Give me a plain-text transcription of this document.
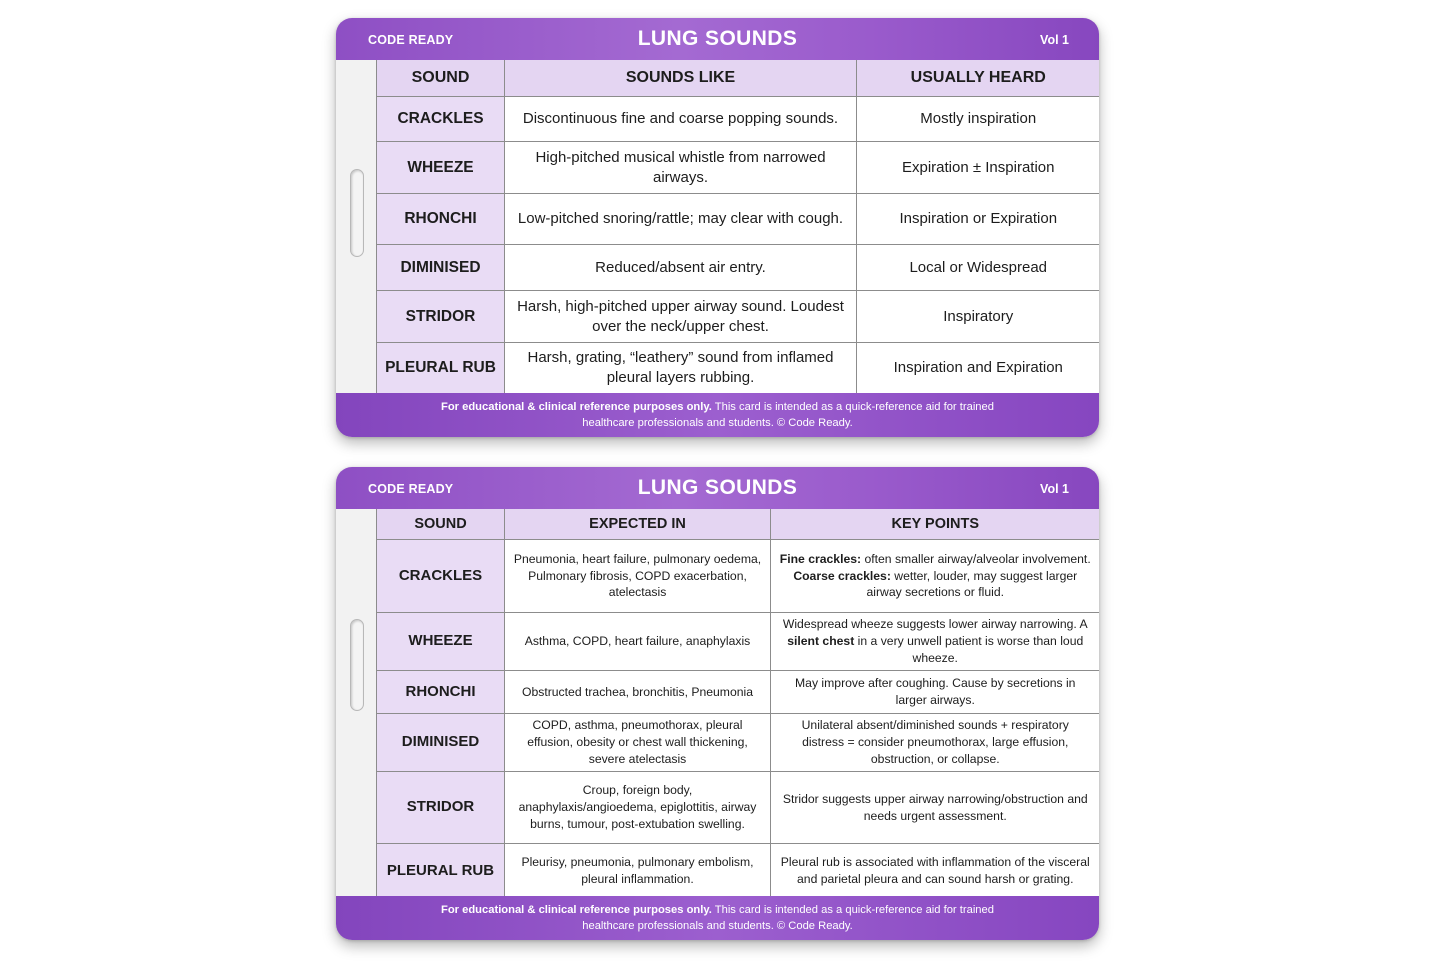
CODE READY	LUNG SOUNDS	Vol 1
SOUND	SOUNDS LIKE	USUALLY HEARD
CRACKLES	Discontinuous fine and coarse popping sounds.	Mostly inspiration
WHEEZE	High-pitched musical whistle from narrowed airways.	Expiration ± Inspiration
RHONCHI	Low-pitched snoring/rattle; may clear with cough.	Inspiration or Expiration
DIMINISED	Reduced/absent air entry.	Local or Widespread
STRIDOR	Harsh, high-pitched upper airway sound. Loudest over the neck/upper chest.	Inspiratory
PLEURAL RUB	Harsh, grating, “leathery” sound from inflamed pleural layers rubbing.	Inspiration and Expiration
For educational & clinical reference purposes only. This card is intended as a quick-reference aid for trained
healthcare professionals and students. © Code Ready.
CODE READY	LUNG SOUNDS	Vol 1
SOUND	EXPECTED IN	KEY POINTS
CRACKLES	Pneumonia, heart failure, pulmonary oedema, Pulmonary fibrosis, COPD exacerbation, atelectasis	Fine crackles: often smaller airway/alveolar involvement.
Coarse crackles: wetter, louder, may suggest larger airway secretions or fluid.
WHEEZE	Asthma, COPD, heart failure, anaphylaxis	Widespread wheeze suggests lower airway narrowing. A silent chest in a very unwell patient is worse than loud wheeze.
RHONCHI	Obstructed trachea, bronchitis, Pneumonia	May improve after coughing. Cause by secretions in larger airways.
DIMINISED	COPD, asthma, pneumothorax, pleural effusion, obesity or chest wall thickening, severe atelectasis	Unilateral absent/diminished sounds + respiratory distress = consider pneumothorax, large effusion, obstruction, or collapse.
STRIDOR	Croup, foreign body, anaphylaxis/angioedema, epiglottitis, airway burns, tumour, post-extubation swelling.	Stridor suggests upper airway narrowing/obstruction and needs urgent assessment.
PLEURAL RUB	Pleurisy, pneumonia, pulmonary embolism, pleural inflammation.	Pleural rub is associated with inflammation of the visceral and parietal pleura and can sound harsh or grating.
For educational & clinical reference purposes only. This card is intended as a quick-reference aid for trained
healthcare professionals and students. © Code Ready.
